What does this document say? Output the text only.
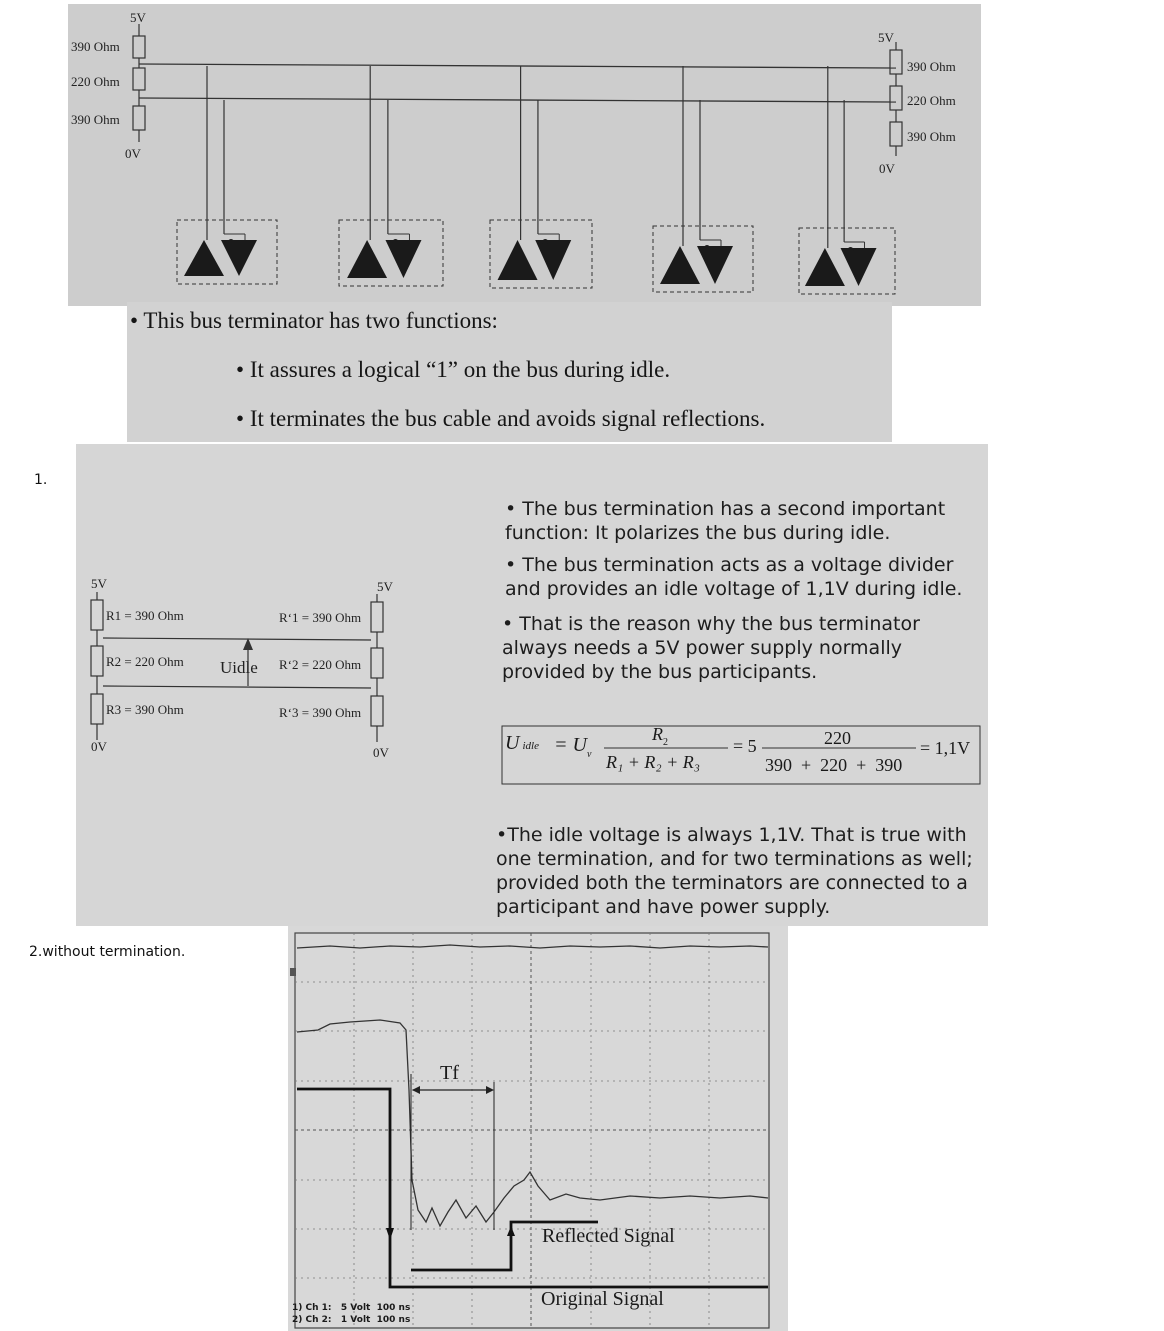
5V
390 Ohm
220 Ohm
390 Ohm
0V
5V
390 Ohm
220 Ohm
390 Ohm
0V
• This bus terminator has two functions:
• It assures a logical “1” on the bus during idle.
• It terminates the bus cable and avoids signal reflections.
1.
5V
R1 = 390 Ohm
R2 = 220 Ohm
R3 = 390 Ohm
0V
Uidle
R‘1 = 390 Ohm
R‘2 = 220 Ohm
R‘3 = 390 Ohm
5V
0V
• The bus termination has a second important function: It polarizes the bus during idle.
• The bus termination acts as a voltage divider and provides an idle voltage of 1,1V during idle.
• That is the reason why the bus terminator always needs a 5V power supply normally provided by the bus participants.
Uidle = $U_v$
$R_2$
R₁ + R₂ + R₃
= 5	220
390  +  220  +  390
= 1,1V
•The idle voltage is always 1,1V. That is true with one termination, and for two terminations as well; provided both the terminators are connected to a participant and have power supply.
2.without termination.
Tf
Reflected Signal
Original Signal
1) Ch 1:   5 Volt  100 ns
2) Ch 2:   1 Volt  100 ns
